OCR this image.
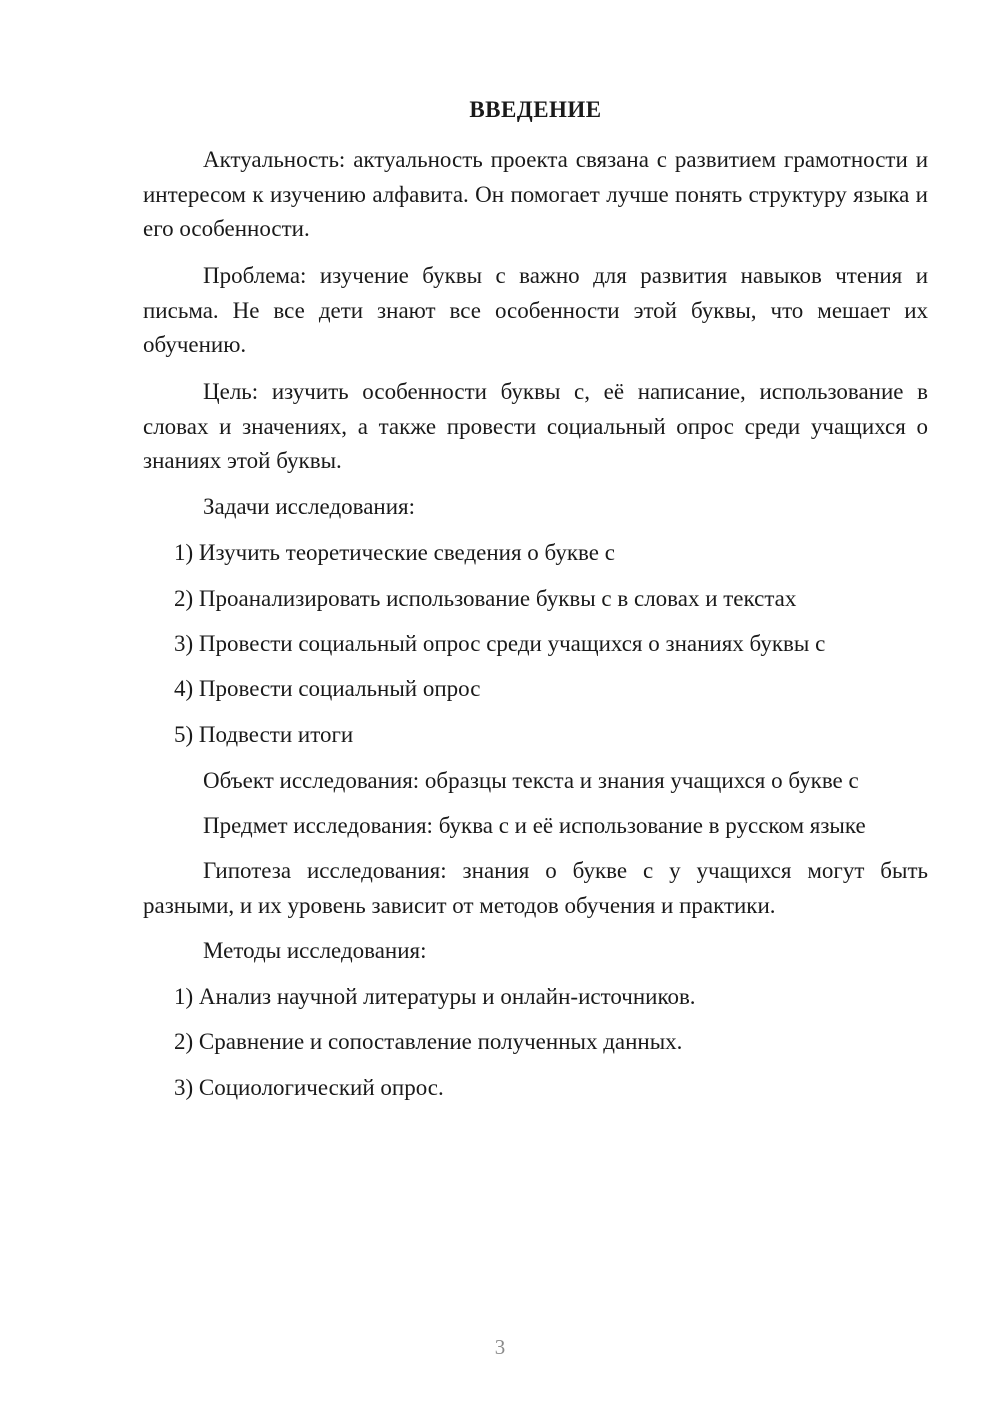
ВВЕДЕНИЕ
Актуальность: актуальность проекта связана с развитием грамотности и интересом к изучению алфавита. Он помогает лучше понять структуру языка и его особенности.
Проблема: изучение буквы с важно для развития навыков чтения и письма. Не все дети знают все особенности этой буквы, что мешает их обучению.
Цель: изучить особенности буквы с, её написание, использование в словах и значениях, а также провести социальный опрос среди учащихся о знаниях этой буквы.
Задачи исследования:
1) Изучить теоретические сведения о букве с
2) Проанализировать использование буквы с в словах и текстах
3) Провести социальный опрос среди учащихся о знаниях буквы с
4) Провести социальный опрос
5) Подвести итоги
Объект исследования: образцы текста и знания учащихся о букве с
Предмет исследования: буква с и её использование в русском языке
Гипотеза исследования: знания о букве с у учащихся могут быть разными, и их уровень зависит от методов обучения и практики.
Методы исследования:
1) Анализ научной литературы и онлайн-источников.
2) Сравнение и сопоставление полученных данных.
3) Социологический опрос.
3
